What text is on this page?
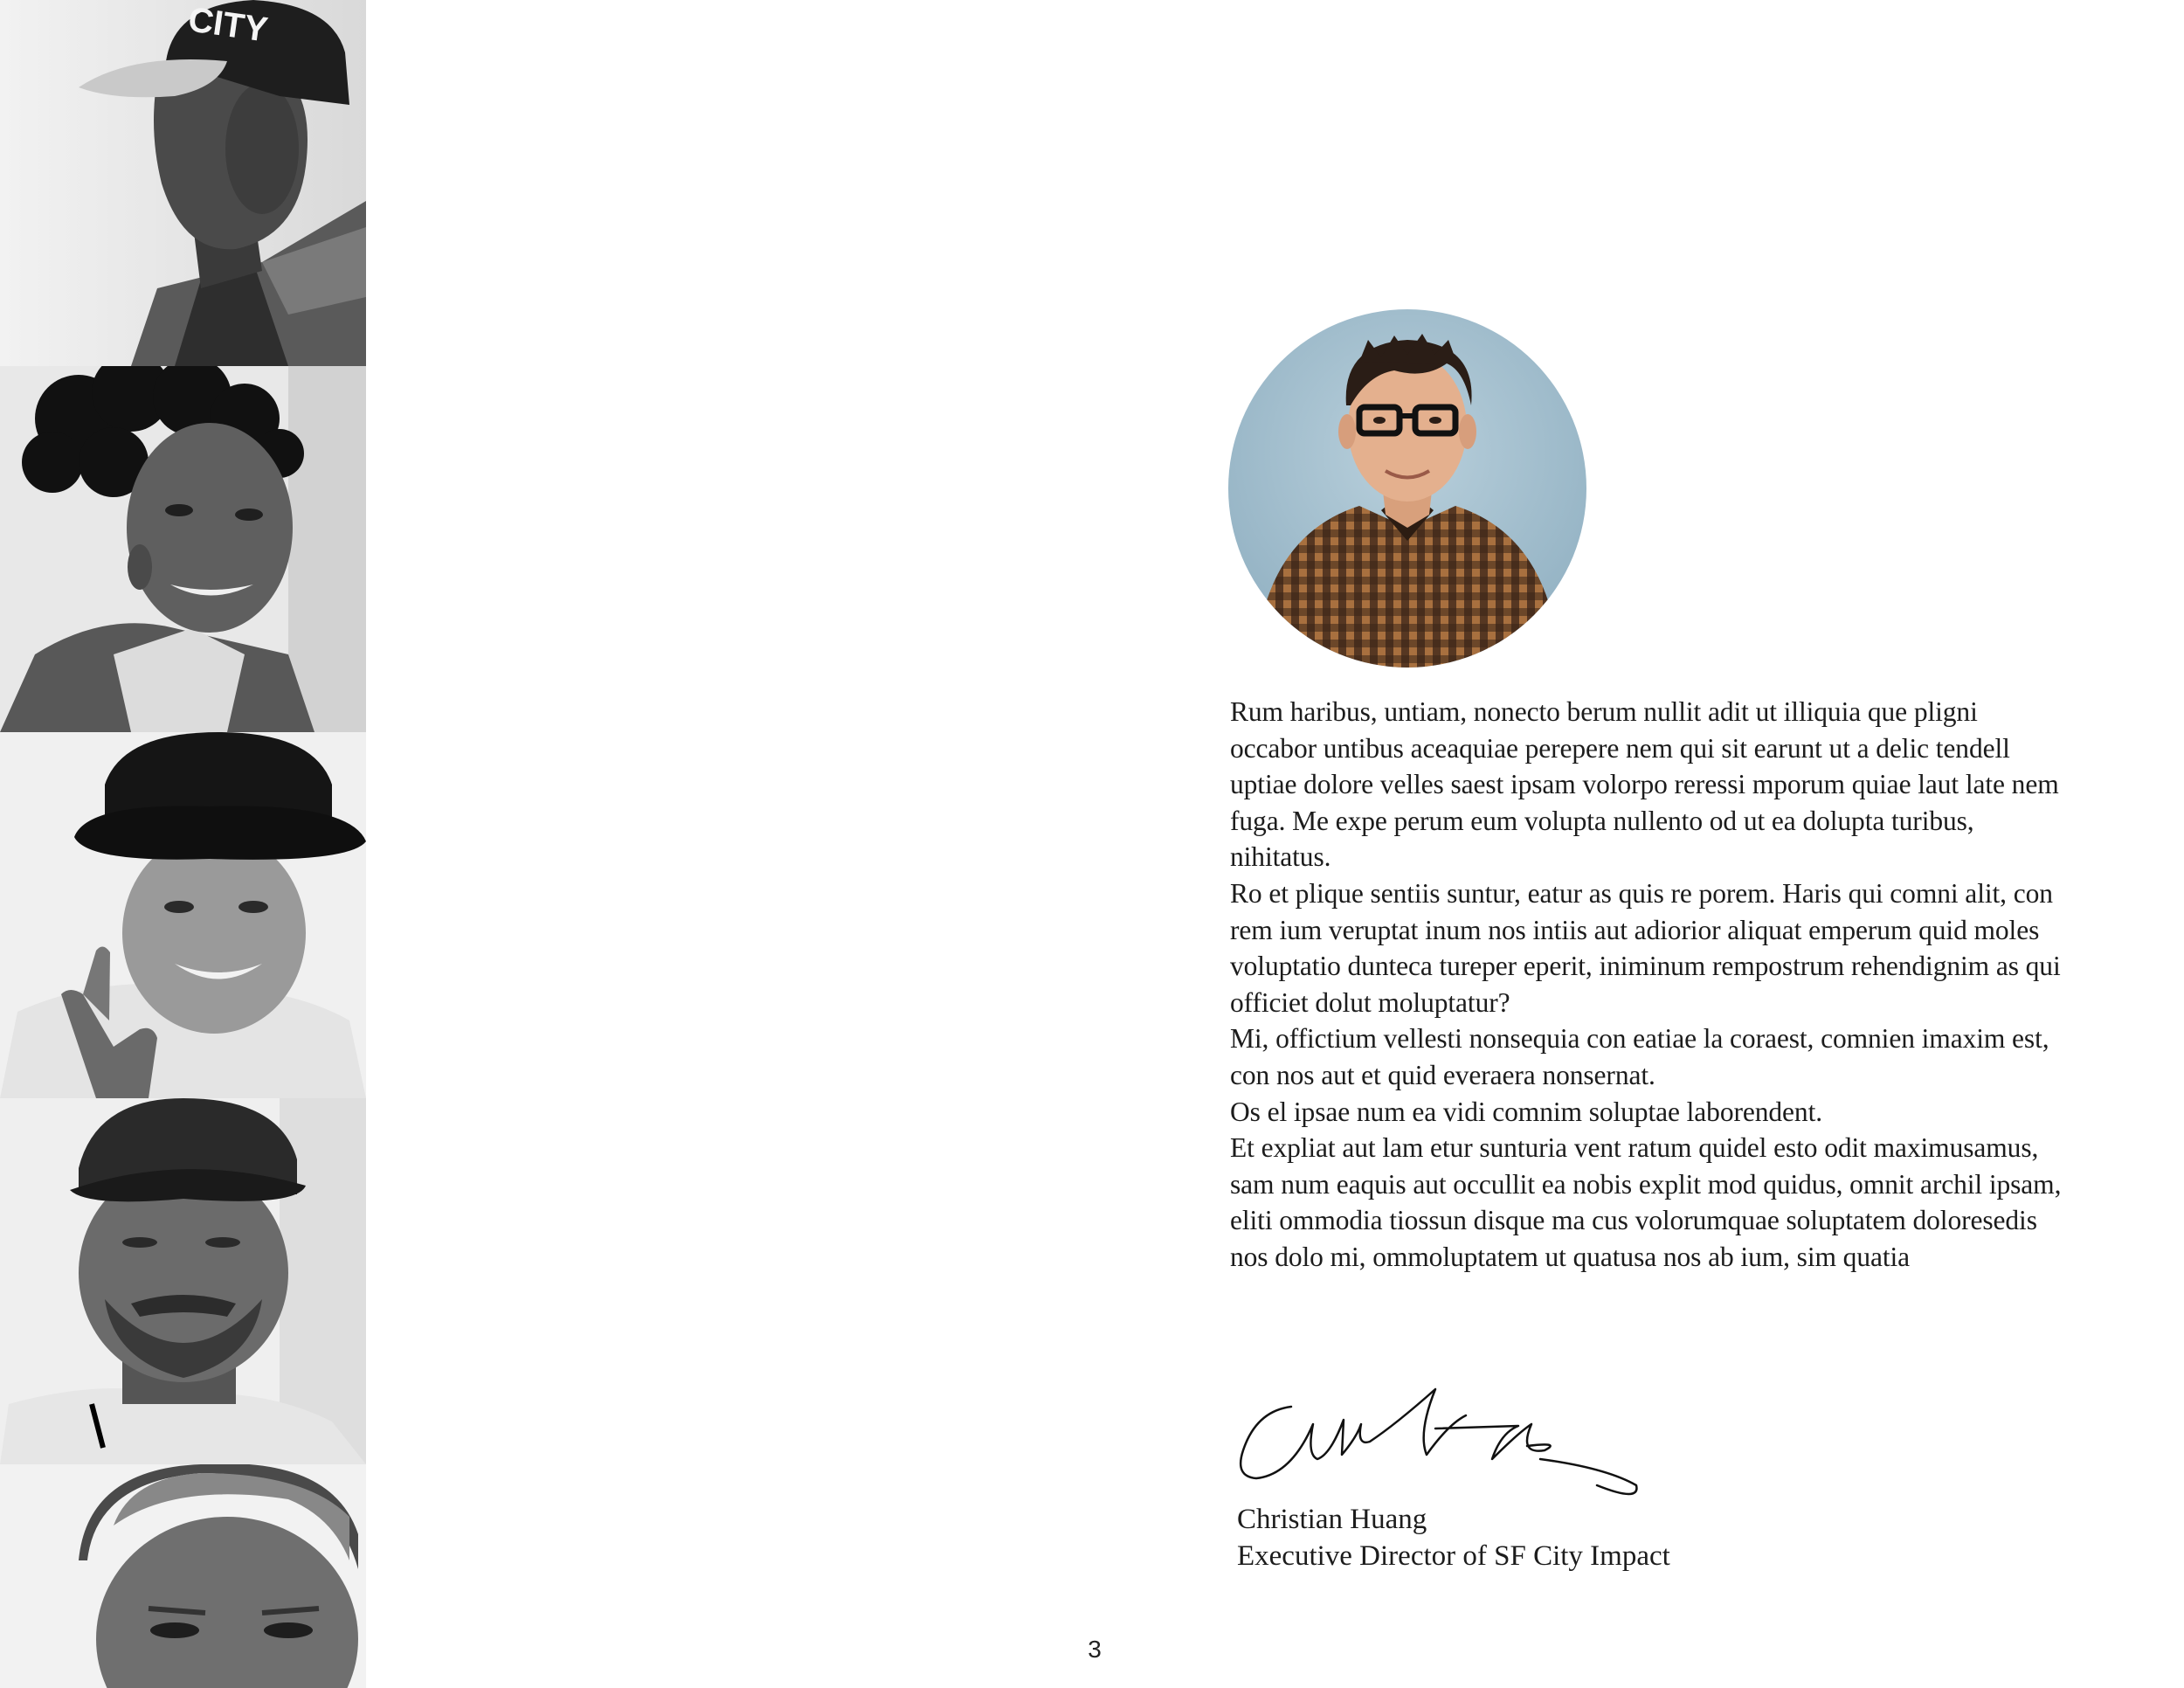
CITY

Rum haribus, untiam, nonecto berum nullit adit ut illiquia que pligni occabor untibus aceaquiae perepere nem qui sit earunt ut a delic tendell uptiae dolore velles saest ipsam volorpo reressi mporum quiae laut late nem fuga. Me expe perum eum volupta nullento od ut ea dolupta turibus, nihitatus.

Ro et plique sentiis suntur, eatur as quis re porem. Haris qui comni alit, con rem ium veruptat inum nos intiis aut adiorior aliquat emperum quid moles voluptatio dunteca tureper eperit, iniminum rempostrum rehendignim as qui officiet dolut moluptatur?

Mi, offictium vellesti nonsequia con eatiae la coraest, comnien imaxim est, con nos aut et quid everaera nonsernat.

Os el ipsae num ea vidi comnim soluptae laborendent.

Et expliat aut lam etur sunturia vent ratum quidel esto odit maximusamus, sam num eaquis aut occullit ea nobis explit mod quidus, omnit archil ipsam, eliti ommodia tiossun disque ma cus volorumquae soluptatem doloresedis nos dolo mi, ommoluptatem ut quatusa nos ab ium, sim quatia

Christian Huang
Executive Director of SF City Impact
3
